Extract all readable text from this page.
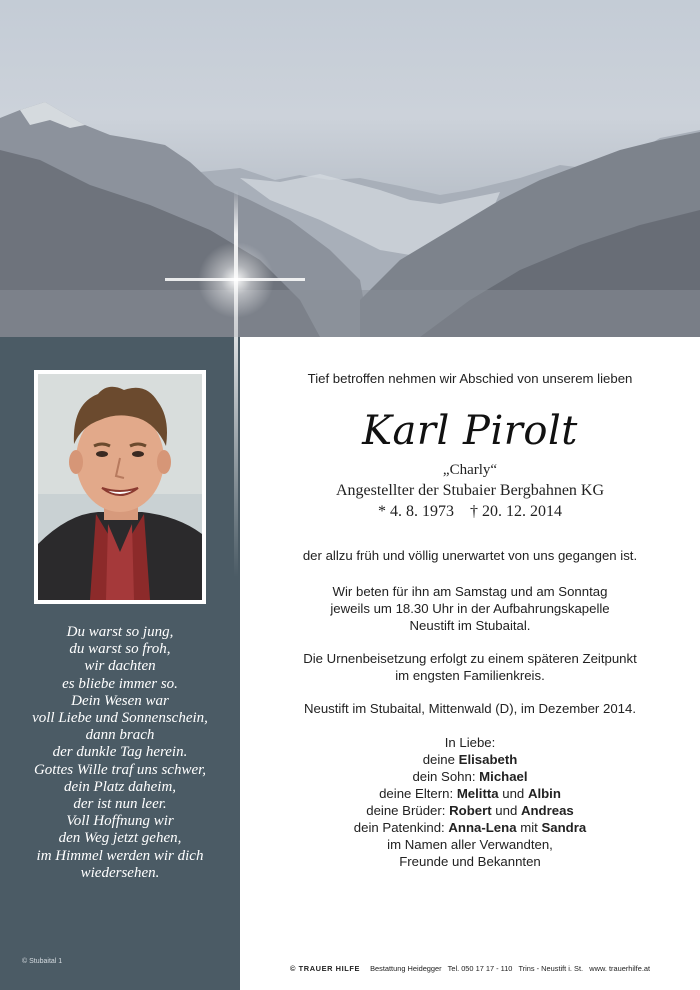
Du warst so jung,
du warst so froh,
wir dachten
es bliebe immer so.
Dein Wesen war
voll Liebe und Sonnenschein,
dann brach
der dunkle Tag herein.
Gottes Wille traf uns schwer,
dein Platz daheim,
der ist nun leer.
Voll Hoffnung wir
den Weg jetzt gehen,
im Himmel werden wir dich
wiedersehen.
© Stubaital 1
Tief betroffen nehmen wir Abschied von unserem lieben
Karl Pirolt
„Charly“
Angestellter der Stubaier Bergbahnen KG
* 4. 8. 1973 † 20. 12. 2014
der allzu früh und völlig unerwartet von uns gegangen ist.
Wir beten für ihn am Samstag und am Sonntag
jeweils um 18.30 Uhr in der Aufbahrungskapelle
Neustift im Stubaital.
Die Urnenbeisetzung erfolgt zu einem späteren Zeitpunkt
im engsten Familienkreis.
Neustift im Stubaital, Mittenwald (D), im Dezember 2014.
In Liebe:
deine Elisabeth
dein Sohn: Michael
deine Eltern: Melitta und Albin
deine Brüder: Robert und Andreas
dein Patenkind: Anna-Lena mit Sandra
im Namen aller Verwandten,
Freunde und Bekannten
© TRAUER HILFE Bestattung Heidegger Tel. 050 17 17 - 110 Trins - Neustift i. St. www. trauerhilfe.at
